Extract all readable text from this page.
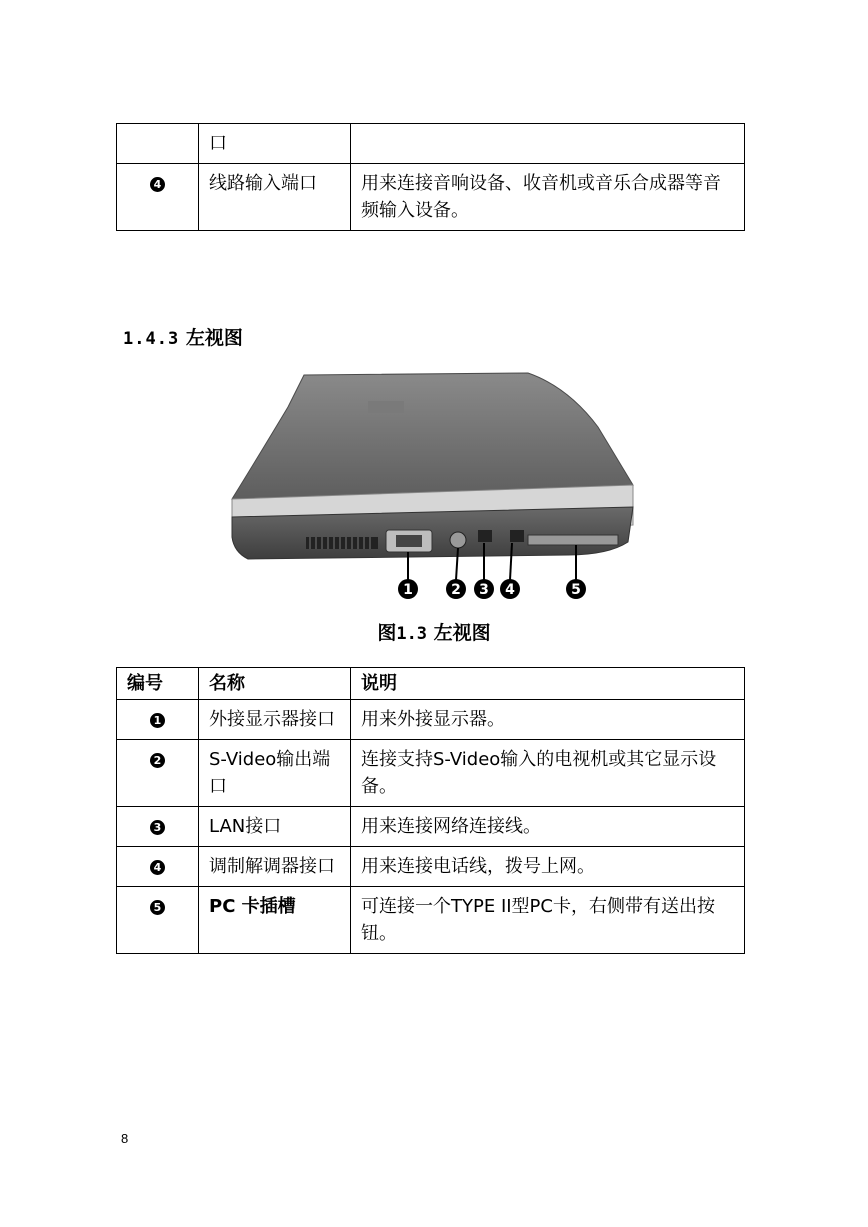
	口	
4	线路输入端口	用来连接音响设备、收音机或音乐合成器等音频输入设备。
1.4.3 左视图
1	2 3 4	5
图1.3 左视图
编号	名称	说明
1	外接显示器接口	用来外接显示器。
2	S-Video输出端口	连接支持S-Video输入的电视机或其它显示设备。
3	LAN接口	用来连接网络连接线。
4	调制解调器接口	用来连接电话线，拨号上网。
5	PC 卡插槽	可连接一个TYPE II型PC卡，右侧带有送出按钮。
8
